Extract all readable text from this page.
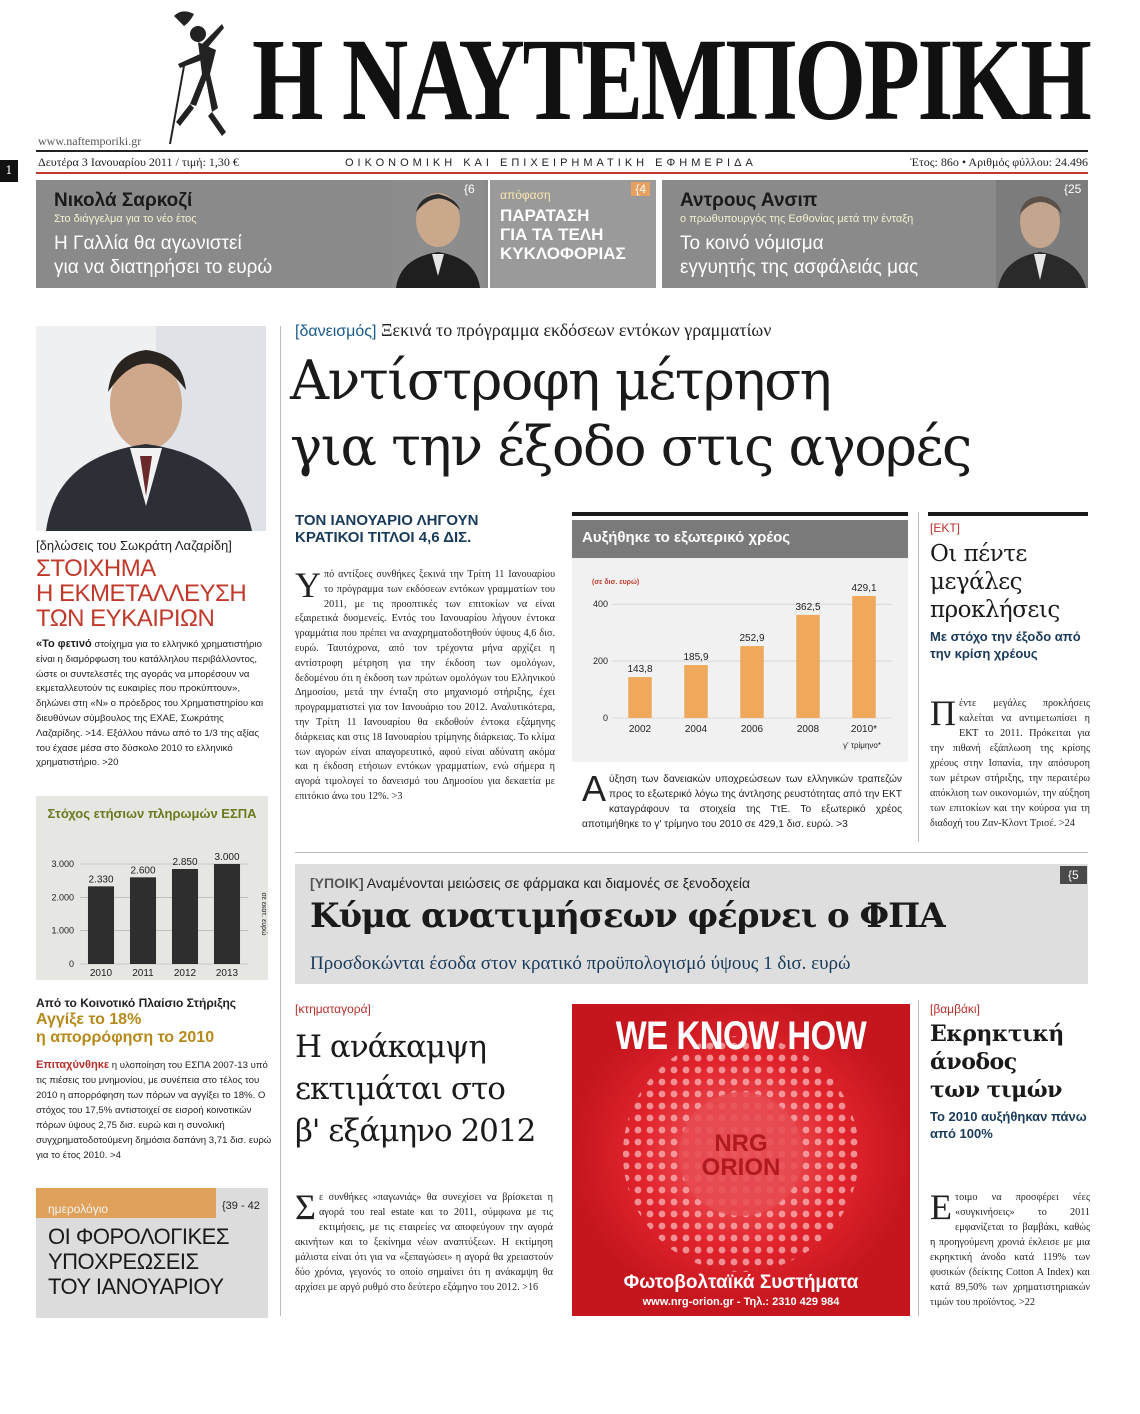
Η ΝΑΥΤΕΜΠΟΡΙΚΗ
www.naftemporiki.gr
1
Δευτέρα 3 Ιανουαρίου 2011 / τιμή: 1,30 €	ΟΙΚΟΝΟΜΙΚΗ ΚΑΙ ΕΠΙΧΕΙΡΗΜΑΤΙΚΗ ΕΦΗΜΕΡΙΔΑ	Έτος: 86ο • Αριθμός φύλλου: 24.496
Νικολά Σαρκοζί
Στο διάγγελμα για το νέο έτος
Η Γαλλία θα αγωνιστεί
για να διατηρήσει το ευρώ
{6 απόφαση	{4
ΠΑΡΑΤΑΣΗ
ΓΙΑ ΤΑ ΤΕΛΗ
ΚΥΚΛΟΦΟΡΙΑΣ
Αντρους Ανσιπ
ο πρωθυπουργός της Εσθονίας μετά την ένταξη
Το κοινό νόμισμα
εγγυητής της ασφάλειάς μας
{25
[δηλώσεις του Σωκράτη Λαζαρίδη]
ΣΤΟΙΧΗΜΑ
Η ΕΚΜΕΤΑΛΛΕΥΣΗ
ΤΩΝ ΕΥΚΑΙΡΙΩΝ
«Το φετινό στοίχημα για το ελληνικό χρηματιστήριο είναι η διαμόρφωση του κατάλληλου περιβάλλοντος, ώστε οι συντελεστές της αγοράς να μπορέσουν να εκμεταλλευτούν τις ευκαιρίες που προκύπτουν», δηλώνει στη «Ν» ο πρόεδρος του Χρηματιστηρίου και διευθύνων σύμβουλος της ΕΧΑΕ, Σωκράτης Λαζαρίδης. >14. Εξάλλου πάνω από το 1/3 της αξίας του έχασε μέσα στο δύσκολο 2010 το ελληνικό χρηματιστήριο. >20
Στόχος ετήσιων πληρωμών ΕΣΠΑ
0
1.000
2.000
3.000
2.330
2010
2.600
2011
2.850
2012
3.000
2013
σε εκατ. ευρώ
Από το Κοινοτικό Πλαίσιο Στήριξης
Αγγίξε το 18%
η απορρόφηση το 2010
Επιταχύνθηκε η υλοποίηση του ΕΣΠΑ 2007-13 υπό τις πιέσεις του μνημονίου, με συνέπεια στο τέλος του 2010 η απορρόφηση των πόρων να αγγίξει το 18%. Ο στόχος του 17,5% αντιστοιχεί σε εισροή κοινοτικών πόρων ύψους 2,75 δισ. ευρώ και η συνολική συγχρηματοδοτούμενη δημόσια δαπάνη 3,71 δισ. ευρώ για το έτος 2010. >4
ημερολόγιο	{39 - 42
ΟΙ ΦΟΡΟΛΟΓΙΚΕΣ
ΥΠΟΧΡΕΩΣΕΙΣ
ΤΟΥ ΙΑΝΟΥΑΡΙΟΥ
[δανεισμός] Ξεκινά το πρόγραμμα εκδόσεων εντόκων γραμματίων
Αντίστροφη μέτρηση
για την έξοδο στις αγορές
ΤΟΝ ΙΑΝΟΥΑΡΙΟ ΛΗΓΟΥΝ
ΚΡΑΤΙΚΟΙ ΤΙΤΛΟΙ 4,6 ΔΙΣ.
Υπό αντίξοες συνθήκες ξεκινά την Τρίτη 11 Ιανουαρίου το πρόγραμμα των εκδόσεων εντόκων γραμματίων του 2011, με τις προοπτικές των επιτοκίων να είναι εξαιρετικά δυσμενείς. Εντός του Ιανουαρίου λήγουν έντοκα γραμμάτια που πρέπει να αναχρηματοδοτηθούν ύψους 4,6 δισ. ευρώ. Ταυτόχρονα, από τον τρέχοντα μήνα αρχίζει η αντίστροφη μέτρηση για την έκδοση των ομολόγων, δεδομένου ότι η έκδοση των πρώτων ομολόγων του Ελληνικού Δημοσίου, μετά την ένταξη στο μηχανισμό στήριξης, έχει προγραμματιστεί για τον Ιανουάριο του 2012. Αναλυτικότερα, την Τρίτη 11 Ιανουαρίου θα εκδοθούν έντοκα εξάμηνης διάρκειας και στις 18 Ιανουαρίου τρίμηνης διάρκειας. Το κλίμα των αγορών είναι απαγορευτικό, αφού είναι αδύνατη ακόμα και η έκδοση ετήσιων εντόκων γραμματίων, ενώ σήμερα η αγορά τιμολογεί το δανεισμό του Δημοσίου για δεκαετία με επιτόκιο άνω του 12%. >3
Αυξήθηκε το εξωτερικό χρέος
(σε δισ. ευρώ)
0
200
400
143,8
2002
185,9
2004
252,9
2006
362,5
2008
429,1
2010*
γ' τρίμηνο*
Αύξηση των δανειακών υποχρεώσεων των ελληνικών τραπεζών προς το εξωτερικό λόγω της άντλησης ρευστότητας από την ΕΚΤ καταγράφουν τα στοιχεία της ΤτΕ. Το εξωτερικό χρέος αποτιμήθηκε το γ' τρίμηνο του 2010 σε 429,1 δισ. ευρώ. >3
[ΕΚΤ]
Οι πέντε
μεγάλες
προκλήσεις
Με στόχο την έξοδο από την κρίση χρέους
Πέντε μεγάλες προκλήσεις καλείται να αντιμετωπίσει η ΕΚΤ το 2011. Πρόκειται για την πιθανή εξάπλωση της κρίσης χρέους στην Ισπανία, την απόσυρση των μέτρων στήριξης, την περαιτέρω απόκλιση των οικονομιών, την αύξηση των επιτοκίων και την κούρσα για τη διαδοχή του Ζαν-Κλοντ Τρισέ. >24
[ΥΠΟΙΚ] Αναμένονται μειώσεις σε φάρμακα και διαμονές σε ξενοδοχεία	{5
Κύμα ανατιμήσεων φέρνει ο ΦΠΑ
Προσδοκώνται έσοδα στον κρατικό προϋπολογισμό ύψους 1 δισ. ευρώ
[κτηματαγορά]
Η ανάκαμψη
εκτιμάται στο
β' εξάμηνο 2012
Σε συνθήκες «παγωνιάς» θα συνεχίσει να βρίσκεται η αγορά του real estate και το 2011, σύμφωνα με τις εκτιμήσεις, με τις εταιρείες να αποφεύγουν την αγορά ακινήτων και το ξεκίνημα νέων αναπτύξεων. Η εκτίμηση μάλιστα είναι ότι για να «ξεπαγώσει» η αγορά θα χρειαστούν δύο χρόνια, γεγονός το οποίο σημαίνει ότι η ανάκαμψη θα αρχίσει με αργό ρυθμό στο δεύτερο εξάμηνο του 2012. >16
WE KNOW HOW
NRG
ORION
Φωτοβολταϊκά Συστήματα
www.nrg-orion.gr - Τηλ.: 2310 429 984
[βαμβάκι]
Εκρηκτική
άνοδος
των τιμών
Το 2010 αυξήθηκαν πάνω από 100%
Ετοιμο να προσφέρει νέες «συγκινήσεις» το 2011 εμφανίζεται το βαμβάκι, καθώς η προηγούμενη χρονιά έκλεισε με μια εκρηκτική άνοδο κατά 119% των φυσικών (δείκτης Cotton A Index) και κατά 89,50% των χρηματιστηριακών τιμών του προϊόντος. >22
